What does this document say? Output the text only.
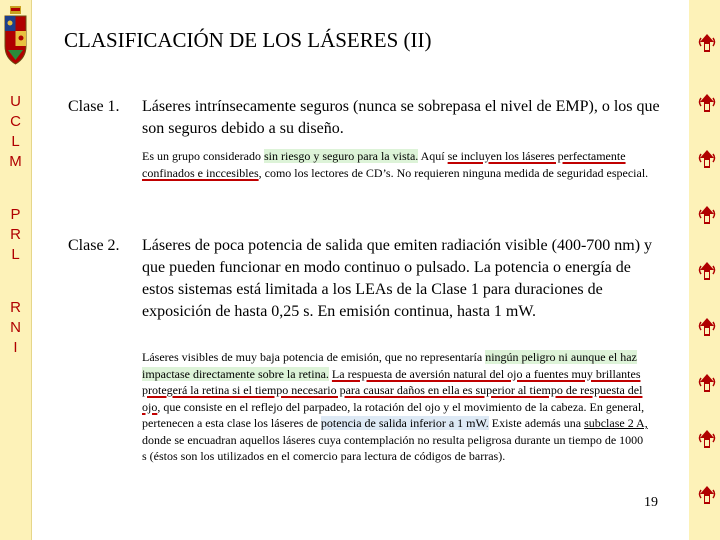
U
C
L
M
P
R
L
R
N
I
CLASIFICACIÓN DE LOS LÁSERES (II)
Clase 1. Láseres intrínsecamente seguros (nunca se sobrepasa el nivel de EMP), o los que son seguros debido a su diseño.
Es un grupo considerado sin riesgo y seguro para la vista. Aquí se incluyen los láseres perfectamente confinados e inccesibles, como los lectores de CD’s. No requieren ninguna medida de seguridad especial.
Clase 2. Láseres de poca potencia de salida que emiten radiación visible (400-700 nm) y que pueden funcionar en modo continuo o pulsado. La potencia o energía de estos sistemas está limitada a los LEAs de la Clase 1 para duraciones de exposición de hasta 0,25 s. En emisión continua, hasta 1 mW.
Láseres visibles de muy baja potencia de emisión, que no representaría ningún peligro ni aunque el haz impactase directamente sobre la retina. La respuesta de aversión natural del ojo a fuentes muy brillantes protegerá la retina si el tiempo necesario para causar daños en ella es superior al tiempo de respuesta del ojo, que consiste en el reflejo del parpadeo, la rotación del ojo y el movimiento de la cabeza. En general, pertenecen a esta clase los láseres de potencia de salida inferior a 1 mW. Existe además una subclase 2 A, donde se encuadran aquellos láseres cuya contemplación no resulta peligrosa durante un tiempo de 1000 s (éstos son los utilizados en el comercio para lectura de códigos de barras).
19
